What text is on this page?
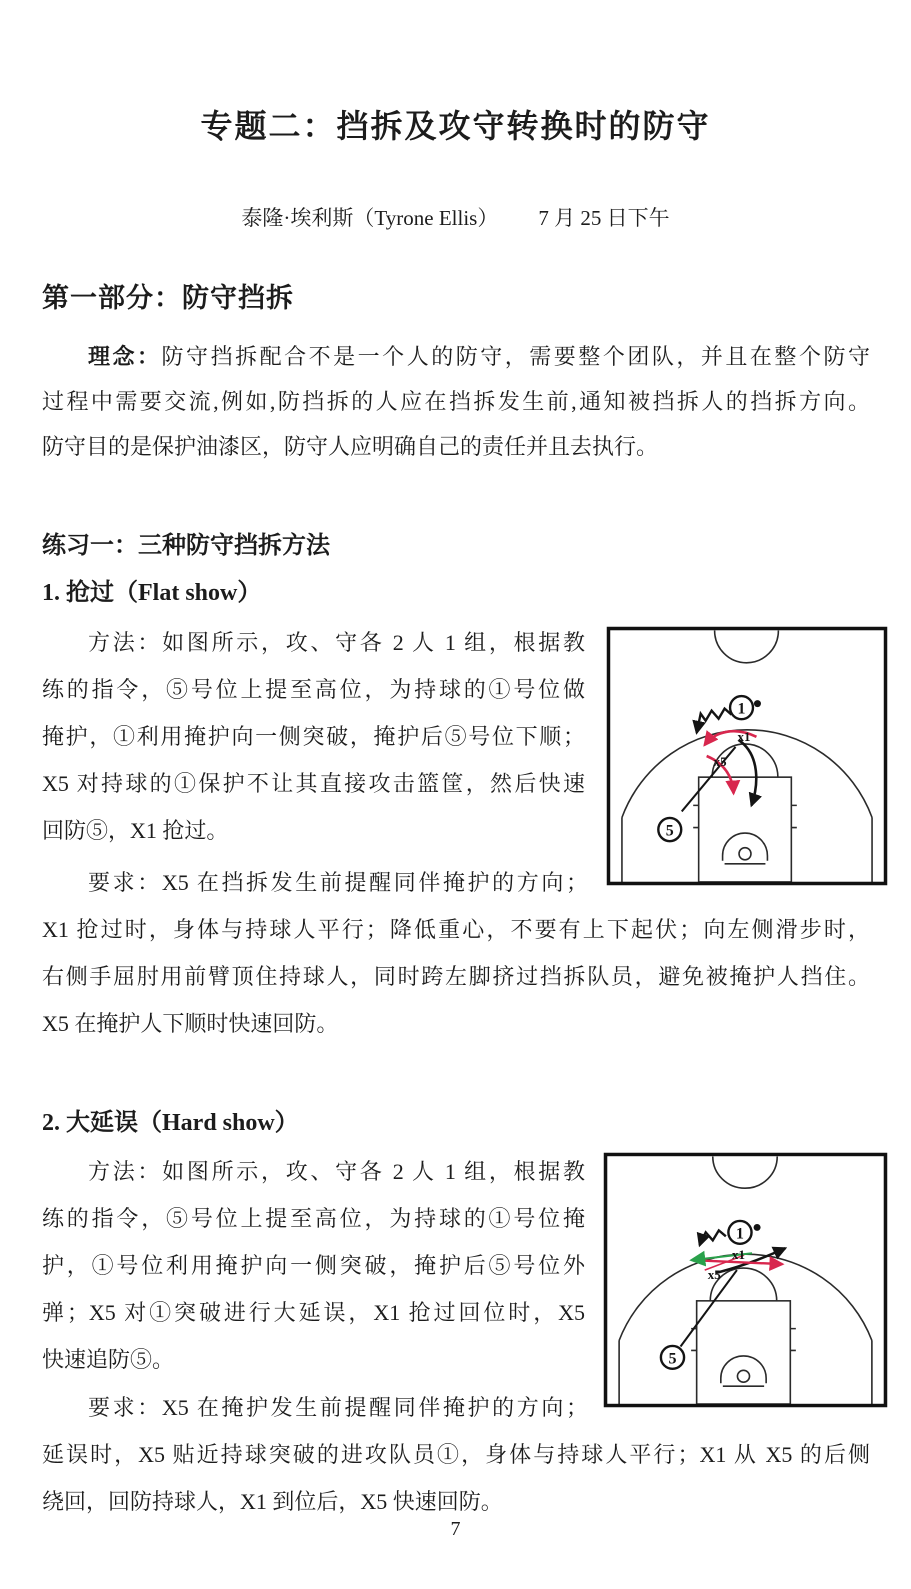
专题二：挡拆及攻守转换时的防守
泰隆·埃利斯（Tyrone Ellis） 7 月 25 日下午
第一部分：防守挡拆
理念：防守挡拆配合不是一个人的防守，需要整个团队，并且在整个防守
过程中需要交流,例如,防挡拆的人应在挡拆发生前,通知被挡拆人的挡拆方向。
防守目的是保护油漆区，防守人应明确自己的责任并且去执行。
练习一：三种防守挡拆方法
1. 抢过（Flat show）
方法：如图所示，攻、守各 2 人 1 组，根据教
练的指令，⑤号位上提至高位，为持球的①号位做
掩护，①利用掩护向一侧突破，掩护后⑤号位下顺；
X5 对持球的①保护不让其直接攻击篮筐，然后快速
回防⑤，X1 抢过。
1
5
x1
x5
要求：X5 在挡拆发生前提醒同伴掩护的方向；
X1 抢过时，身体与持球人平行；降低重心，不要有上下起伏；向左侧滑步时，
右侧手屈肘用前臂顶住持球人，同时跨左脚挤过挡拆队员，避免被掩护人挡住。
X5 在掩护人下顺时快速回防。
2. 大延误（Hard show）
方法：如图所示，攻、守各 2 人 1 组，根据教
练的指令，⑤号位上提至高位，为持球的①号位掩
护，①号位利用掩护向一侧突破，掩护后⑤号位外
弹；X5 对①突破进行大延误，X1 抢过回位时，X5
快速追防⑤。
1
5
x1
x5
要求：X5 在掩护发生前提醒同伴掩护的方向；
延误时，X5 贴近持球突破的进攻队员①，身体与持球人平行；X1 从 X5 的后侧
绕回，回防持球人，X1 到位后，X5 快速回防。
7
